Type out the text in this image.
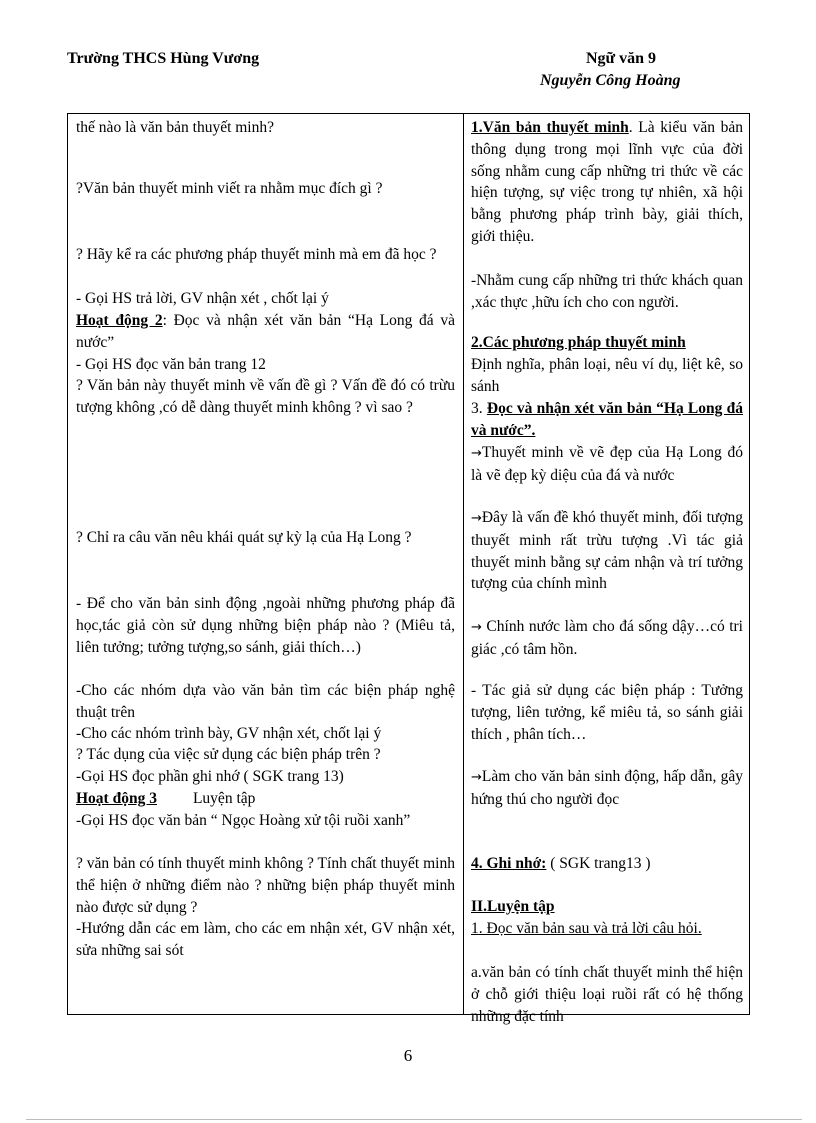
Trường THCS Hùng Vương	Ngữ văn 9
Nguyễn Công Hoàng
thế nào là văn bản thuyết minh?
?Văn bản thuyết minh viết ra nhằm mục đích gì ?
? Hãy kể ra các phương pháp thuyết minh mà em đã học ?
- Gọi HS trả lời, GV nhận xét , chốt lại ý
Hoạt động 2: Đọc và nhận xét văn bản “Hạ Long đá và nước”
- Gọi HS đọc văn bản trang 12
? Văn bản này thuyết minh về vấn đề gì ? Vấn đề đó có trừu tượng không ,có dễ dàng thuyết minh không ? vì sao ?
? Chỉ ra câu văn nêu khái quát sự kỳ lạ của Hạ Long ?
- Để cho văn bản sinh động ,ngoài những phương pháp đã học,tác giả còn sử dụng những biện pháp nào ? (Miêu tả, liên tưởng; tưởng tượng,so sánh, giải thích…)
-Cho các nhóm dựa vào văn bản tìm các biện pháp nghệ thuật trên
-Cho các nhóm trình bày, GV nhận xét, chốt lại ý
? Tác dụng của việc sử dụng các biện pháp trên ?
-Gọi HS đọc phần ghi nhớ ( SGK trang 13)
Hoạt động 3 Luyện tập
-Gọi HS đọc văn bản “ Ngọc Hoàng xử tội ruồi xanh”
? văn bản có tính thuyết minh không ? Tính chất thuyết minh thể hiện ở những điểm nào ? những biện pháp thuyết minh nào được sử dụng ?
-Hướng dẫn các em làm, cho các em nhận xét, GV nhận xét, sửa những sai sót
1.Văn bản thuyết minh. Là kiểu văn bản thông dụng trong mọi lĩnh vực của đời sống nhằm cung cấp những tri thức về các hiện tượng, sự việc trong tự nhiên, xã hội bằng phương pháp trình bày, giải thích, giới thiệu.
-Nhằm cung cấp những tri thức khách quan ,xác thực ,hữu ích cho con người.
2.Các phương pháp thuyết minh
Định nghĩa, phân loại, nêu ví dụ, liệt kê, so sánh
3. Đọc và nhận xét văn bản “Hạ Long đá và nước”.
→Thuyết minh về vẽ đẹp của Hạ Long đó là vẽ đẹp kỳ diệu của đá và nước
→Đây là vấn đề khó thuyết minh, đối tượng thuyết minh rất trừu tượng .Vì tác giả thuyết minh bằng sự cảm nhận và trí tưởng tượng của chính mình
→ Chính nước làm cho đá sống dậy…có tri giác ,có tâm hồn.
- Tác giả sử dụng các biện pháp : Tưởng tượng, liên tưởng, kể miêu tả, so sánh giải thích , phân tích…
→Làm cho văn bản sinh động, hấp dẫn, gây hứng thú cho người đọc
4. Ghi nhớ: ( SGK trang13 )
II.Luyện tập
1. Đọc văn bản sau và trả lời câu hỏi.
a.văn bản có tính chất thuyết minh thể hiện ở chỗ giới thiệu loại ruồi rất có hệ thống những đặc tính
6
